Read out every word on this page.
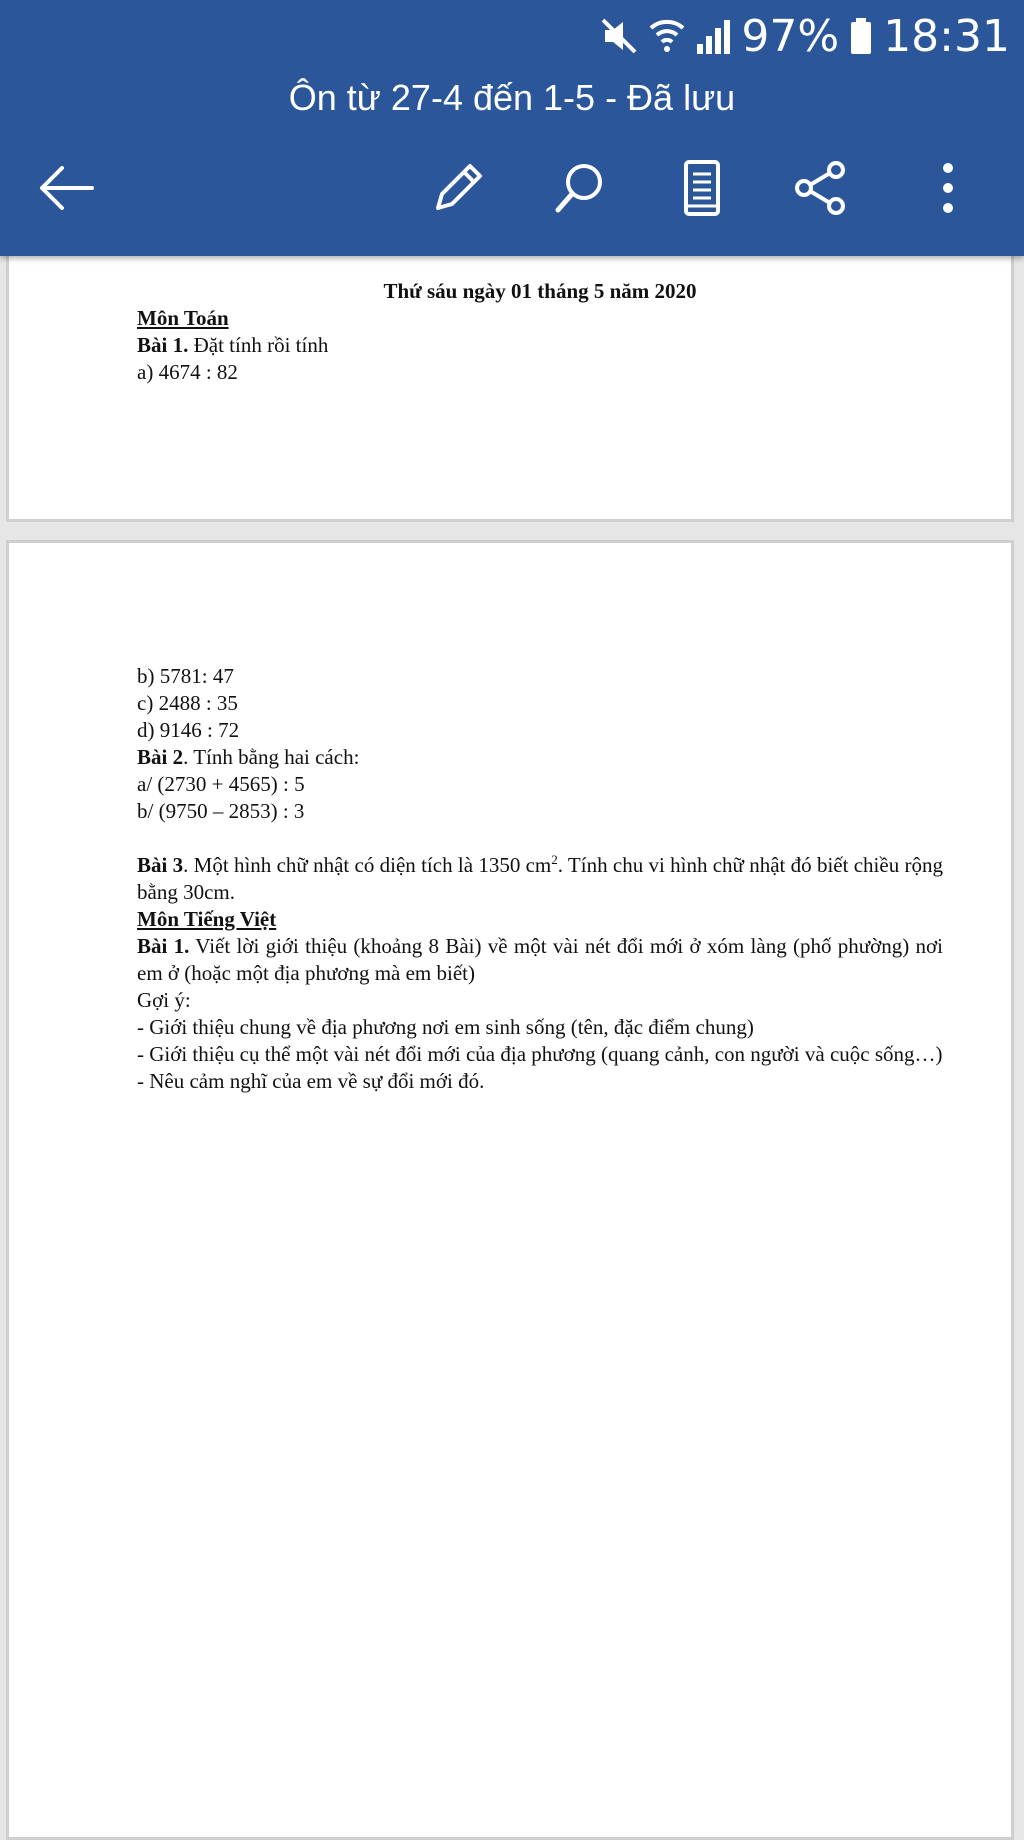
97% 18:31
Ôn từ 27-4 đến 1-5 - Đã lưu

Thứ sáu ngày 01 tháng 5 năm 2020

Môn Toán

Bài 1. Đặt tính rồi tính

a) 4674 : 82

b) 5781: 47

c) 2488 : 35

d) 9146 : 72

Bài 2. Tính bằng hai cách:

a/ (2730 + 4565) : 5

b/ (9750 – 2853) : 3

Bài 3. Một hình chữ nhật có diện tích là 1350 $cm^2$. Tính chu vi hình chữ nhật đó biết chiều rộng bằng 30cm.

Môn Tiếng Việt

Bài 1. Viết lời giới thiệu (khoảng 8 Bài) về một vài nét đổi mới ở xóm làng (phố phường) nơi em ở (hoặc một địa phương mà em biết)

Gợi ý:

- Giới thiệu chung về địa phương nơi em sinh sống (tên, đặc điểm chung)

- Giới thiệu cụ thể một vài nét đổi mới của địa phương (quang cảnh, con người và cuộc sống…)

- Nêu cảm nghĩ của em về sự đổi mới đó.
